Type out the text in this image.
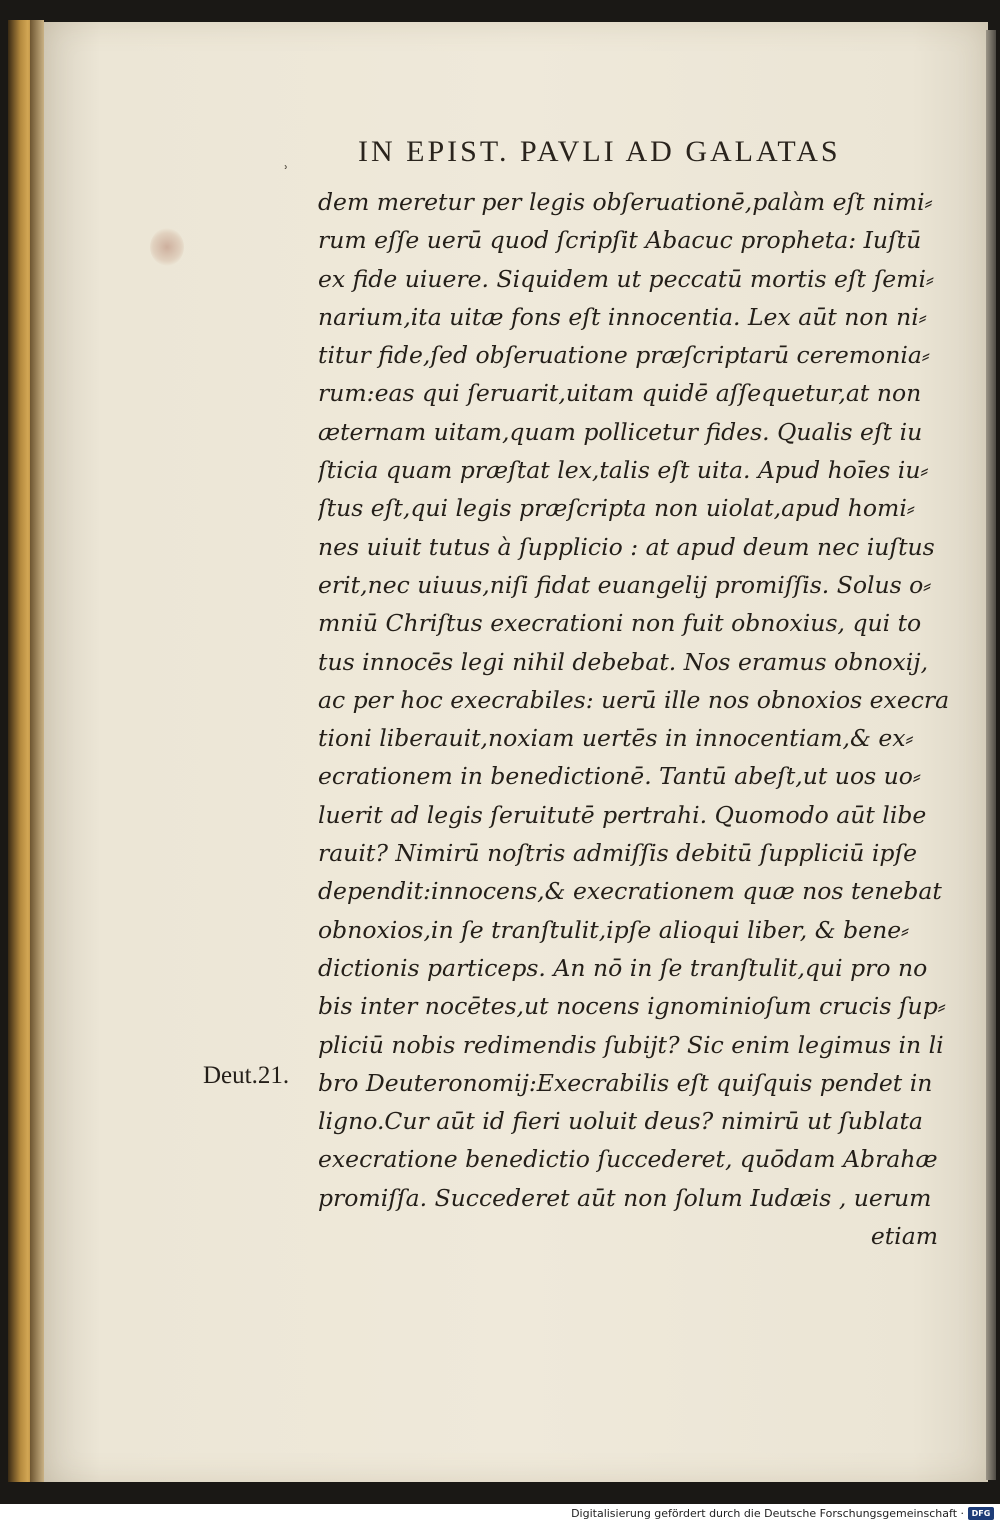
ʾ
IN EPIST. PAVLI AD GALATAS
dem meretur per legis obſeruationē,palàm eſt nimi⸗
rum eſſe uerū quod ſcripſit Abacuc propheta: Iuſtū
ex fide uiuere. Siquidem ut peccatū mortis eſt ſemi⸗
narium,ita uitæ fons eſt innocentia. Lex aūt non ni⸗
titur fide,ſed obſeruatione præſcriptarū ceremonia⸗
rum:eas qui ſeruarit,uitam quidē aſſequetur,at non
æternam uitam,quam pollicetur fides. Qualis eſt iu
ſticia quam præſtat lex,talis eſt uita. Apud hoīes iu⸗
ſtus eſt,qui legis præſcripta non uiolat,apud homi⸗
nes uiuit tutus à ſupplicio : at apud deum nec iuſtus
erit,nec uiuus,niſi fidat euangelij promiſſis. Solus o⸗
mniū Chriſtus execrationi non fuit obnoxius, qui to
tus innocēs legi nihil debebat. Nos eramus obnoxij,
ac per hoc execrabiles: uerū ille nos obnoxios execra
tioni liberauit,noxiam uertēs in innocentiam,& ex⸗
ecrationem in benedictionē. Tantū abeſt,ut uos uo⸗
luerit ad legis ſeruitutē pertrahi. Quomodo aūt libe
rauit? Nimirū noſtris admiſſis debitū ſuppliciū ipſe
dependit:innocens,& execrationem quæ nos tenebat
obnoxios,in ſe tranſtulit,ipſe alioqui liber, & bene⸗
dictionis particeps. An nō in ſe tranſtulit,qui pro no
bis inter nocētes,ut nocens ignominioſum crucis ſup⸗
pliciū nobis redimendis ſubijt? Sic enim legimus in li
bro Deuteronomij:Execrabilis eſt quiſquis pendet in
ligno.Cur aūt id fieri uoluit deus? nimirū ut ſublata
execratione benedictio ſuccederet, quōdam Abrahæ
promiſſa. Succederet aūt non ſolum Iudæis , uerum
etiam
Deut.21.
Digitalisierung gefördert durch die Deutsche Forschungsgemeinschaft · DFG
